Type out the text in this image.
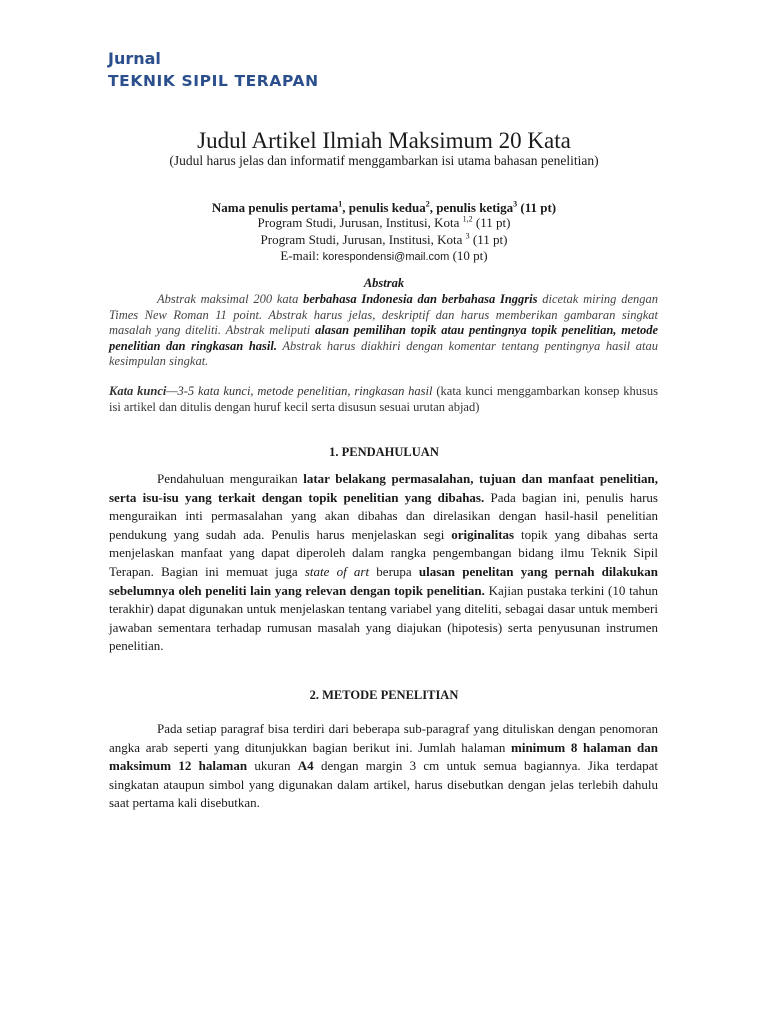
Jurnal
TEKNIK SIPIL TERAPAN
Judul Artikel Ilmiah Maksimum 20 Kata
(Judul harus jelas dan informatif menggambarkan isi utama bahasan penelitian)
Nama penulis pertama$^1$, penulis kedua$^2$, penulis ketiga$^3$ (11 pt)
Program Studi, Jurusan, Institusi, Kota $^{1,2}$ (11 pt)
Program Studi, Jurusan, Institusi, Kota $^3$ (11 pt)
E-mail: korespondensi@mail.com (10 pt)
Abstrak
Abstrak maksimal 200 kata berbahasa Indonesia dan berbahasa Inggris dicetak miring dengan Times New Roman 11 point. Abstrak harus jelas, deskriptif dan harus memberikan gambaran singkat masalah yang diteliti. Abstrak meliputi alasan pemilihan topik atau pentingnya topik penelitian, metode penelitian dan ringkasan hasil. Abstrak harus diakhiri dengan komentar tentang pentingnya hasil atau kesimpulan singkat.
Kata kunci—3-5 kata kunci, metode penelitian, ringkasan hasil (kata kunci menggambarkan konsep khusus isi artikel dan ditulis dengan huruf kecil serta disusun sesuai urutan abjad)
1. PENDAHULUAN
Pendahuluan menguraikan latar belakang permasalahan, tujuan dan manfaat penelitian, serta isu-isu yang terkait dengan topik penelitian yang dibahas. Pada bagian ini, penulis harus menguraikan inti permasalahan yang akan dibahas dan direlasikan dengan hasil-hasil penelitian pendukung yang sudah ada. Penulis harus menjelaskan segi originalitas topik yang dibahas serta menjelaskan manfaat yang dapat diperoleh dalam rangka pengembangan bidang ilmu Teknik Sipil Terapan. Bagian ini memuat juga state of art berupa ulasan penelitan yang pernah dilakukan sebelumnya oleh peneliti lain yang relevan dengan topik penelitian. Kajian pustaka terkini (10 tahun terakhir) dapat digunakan untuk menjelaskan tentang variabel yang diteliti, sebagai dasar untuk memberi jawaban sementara terhadap rumusan masalah yang diajukan (hipotesis) serta penyusunan instrumen penelitian.
2. METODE PENELITIAN
Pada setiap paragraf bisa terdiri dari beberapa sub-paragraf yang dituliskan dengan penomoran angka arab seperti yang ditunjukkan bagian berikut ini. Jumlah halaman minimum 8 halaman dan maksimum 12 halaman ukuran A4 dengan margin 3 cm untuk semua bagiannya. Jika terdapat singkatan ataupun simbol yang digunakan dalam artikel, harus disebutkan dengan jelas terlebih dahulu saat pertama kali disebutkan.
